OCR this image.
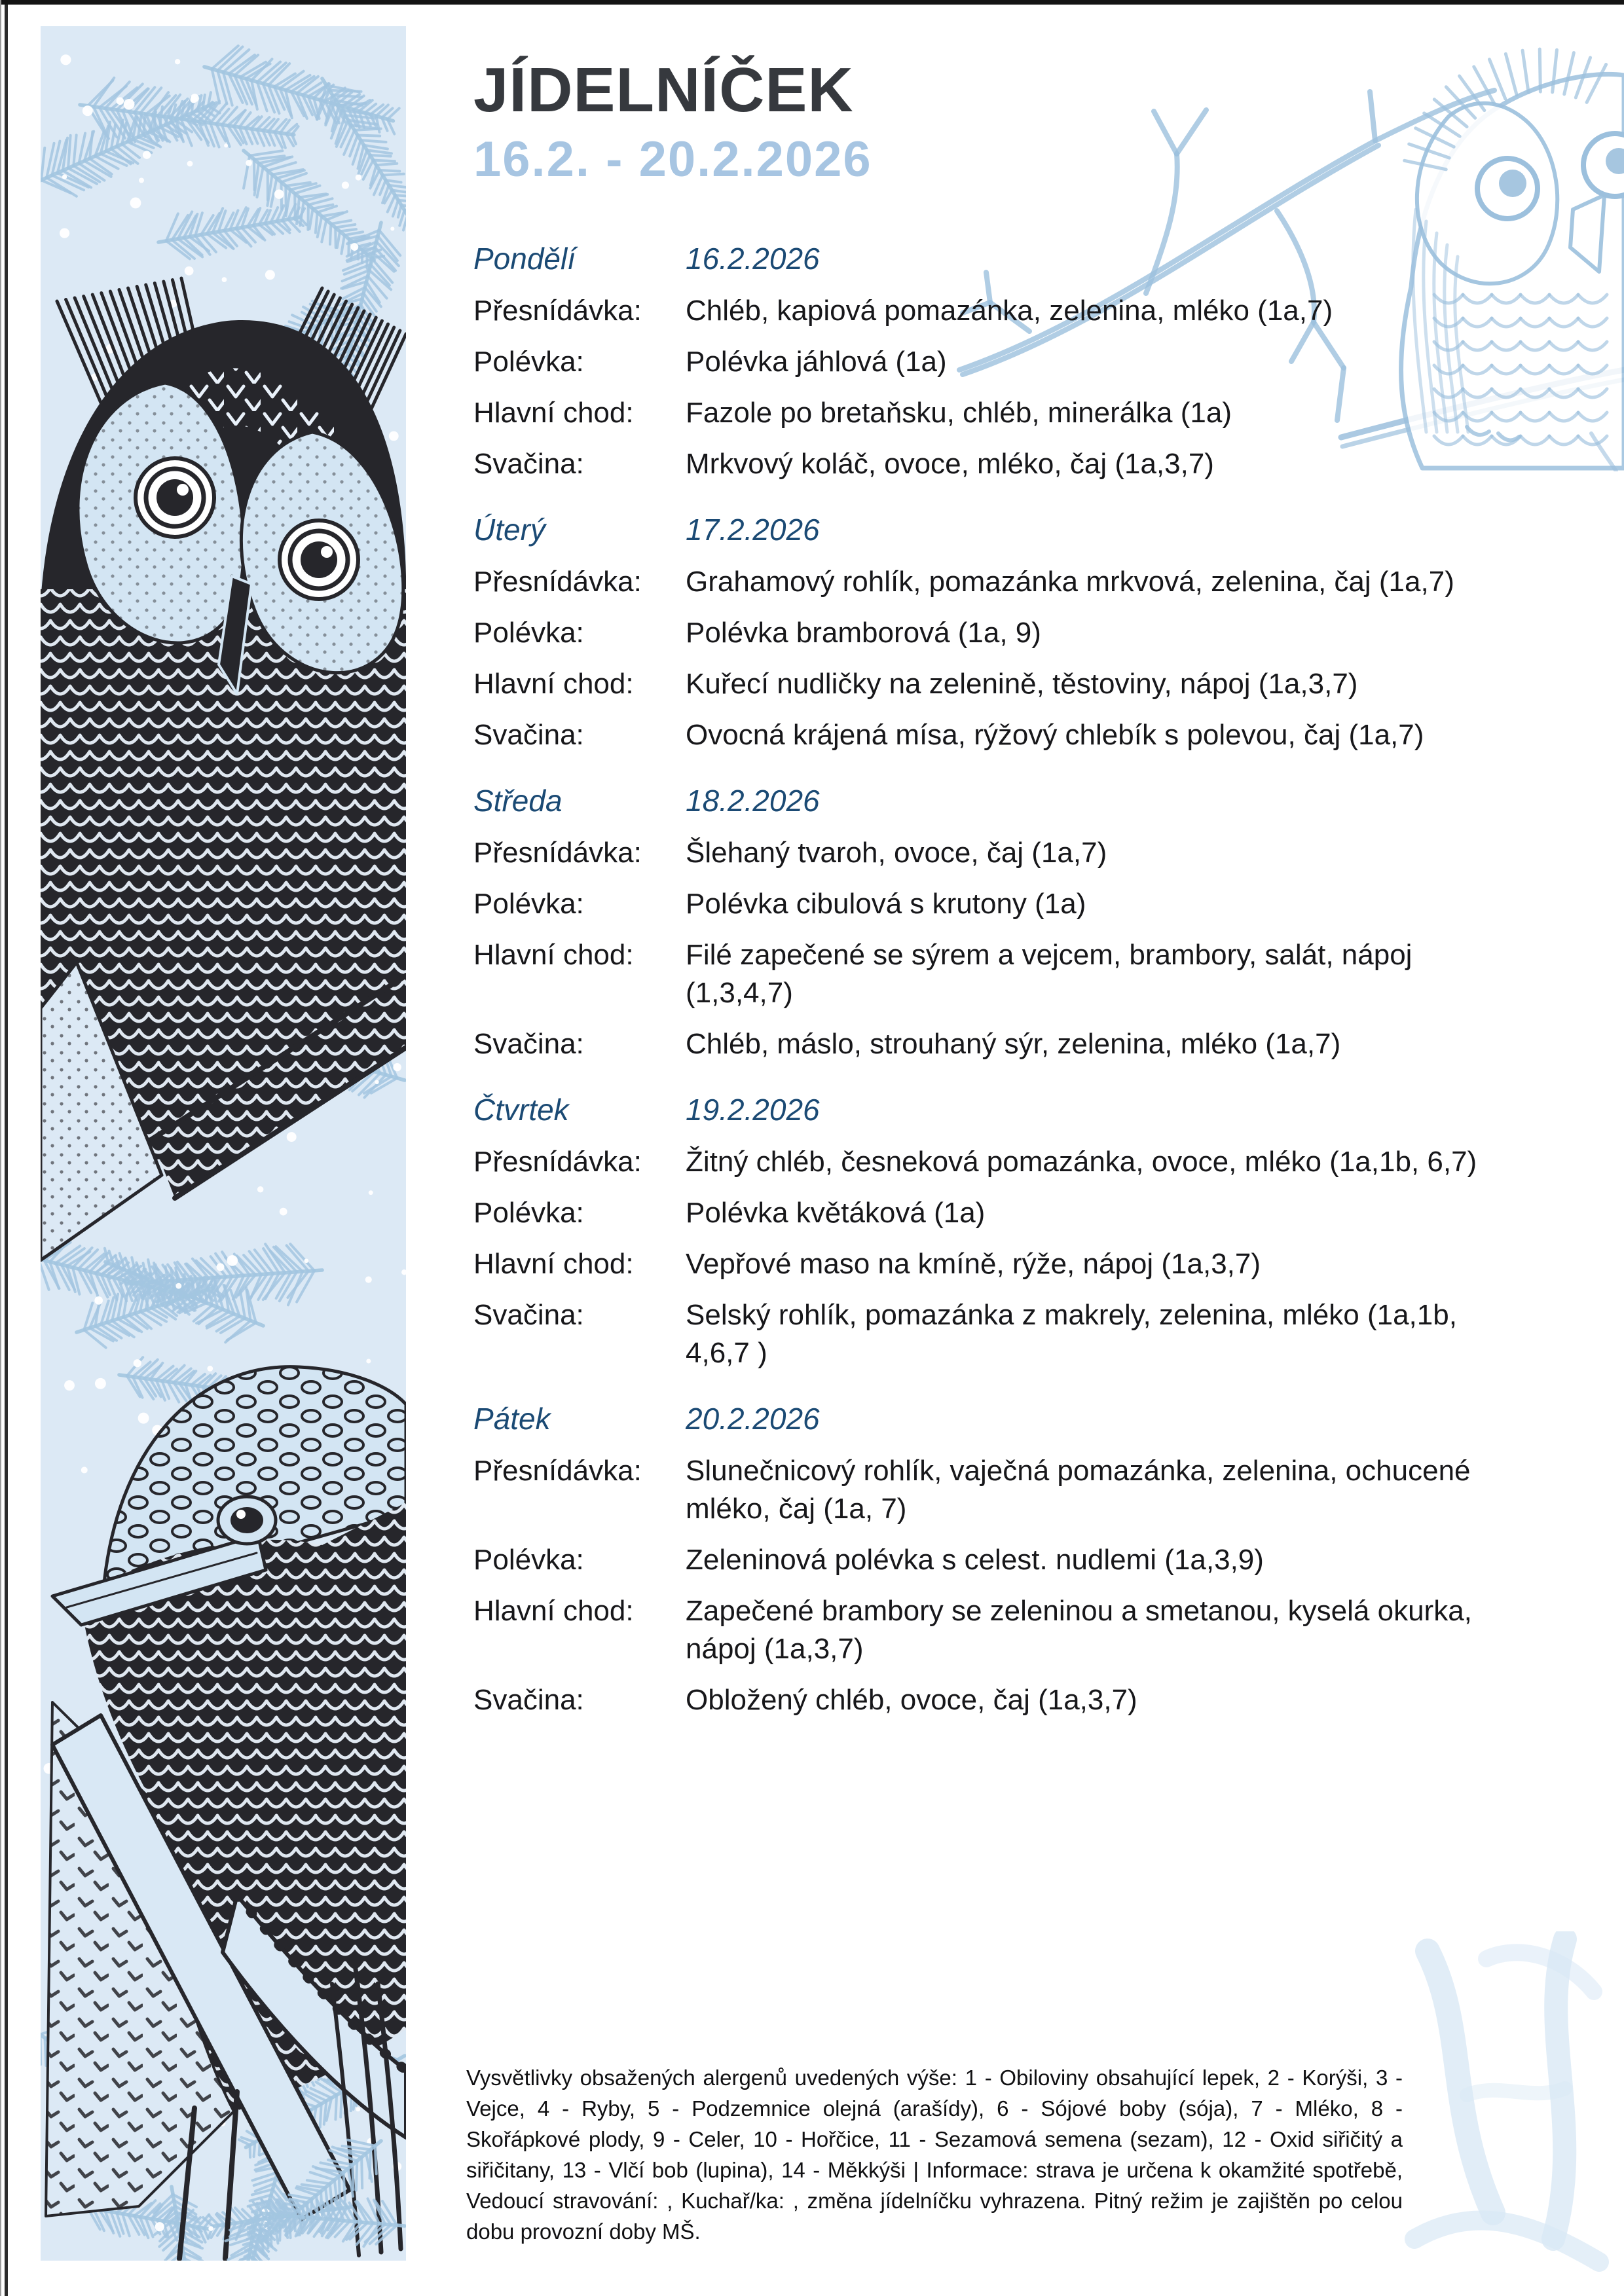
JÍDELNÍČEK
16.2. - 20.2.2026
Pondělí	16.2.2026
Přesnídávka:	Chléb, kapiová pomazánka, zelenina, mléko (1a,7)
Polévka:	Polévka jáhlová (1a)
Hlavní chod:	Fazole po bretaňsku, chléb, minerálka (1a)
Svačina:	Mrkvový koláč, ovoce, mléko, čaj (1a,3,7)
Úterý	17.2.2026
Přesnídávka:	Grahamový rohlík, pomazánka mrkvová, zelenina, čaj (1a,7)
Polévka:	Polévka bramborová (1a, 9)
Hlavní chod:	Kuřecí nudličky na zelenině, těstoviny, nápoj (1a,3,7)
Svačina:	Ovocná krájená mísa, rýžový chlebík s polevou, čaj (1a,7)
Středa	18.2.2026
Přesnídávka:	Šlehaný tvaroh, ovoce, čaj (1a,7)
Polévka:	Polévka cibulová s krutony (1a)
Hlavní chod:	Filé zapečené se sýrem a vejcem, brambory, salát, nápoj (1,3,4,7)
Svačina:	Chléb, máslo, strouhaný sýr, zelenina, mléko (1a,7)
Čtvrtek	19.2.2026
Přesnídávka:	Žitný chléb, česneková pomazánka, ovoce, mléko (1a,1b, 6,7)
Polévka:	Polévka květáková (1a)
Hlavní chod:	Vepřové maso na kmíně, rýže, nápoj (1a,3,7)
Svačina:	Selský rohlík, pomazánka z makrely, zelenina, mléko (1a,1b, 4,6,7 )
Pátek	20.2.2026
Přesnídávka:	Slunečnicový rohlík, vaječná pomazánka, zelenina, ochucené mléko, čaj (1a, 7)
Polévka:	Zeleninová polévka s celest. nudlemi (1a,3,9)
Hlavní chod:	Zapečené brambory se zeleninou a smetanou, kyselá okurka, nápoj (1a,3,7)
Svačina:	Obložený chléb, ovoce, čaj (1a,3,7)
Vysvětlivky obsažených alergenů uvedených výše: 1 - Obiloviny obsahující lepek, 2 - Korýši, 3 - Vejce, 4 - Ryby, 5 - Podzemnice olejná (arašídy), 6 - Sójové boby (sója), 7 - Mléko, 8 - Skořápkové plody, 9 - Celer, 10 - Hořčice, 11 - Sezamová semena (sezam), 12 - Oxid siřičitý a siřičitany, 13 - Vlčí bob (lupina), 14 - Měkkýši | Informace: strava je určena k okamžité spotřebě, Vedoucí stravování: , Kuchař/ka: , změna jídelníčku vyhrazena. Pitný režim je zajištěn po celou dobu provozní doby MŠ.
